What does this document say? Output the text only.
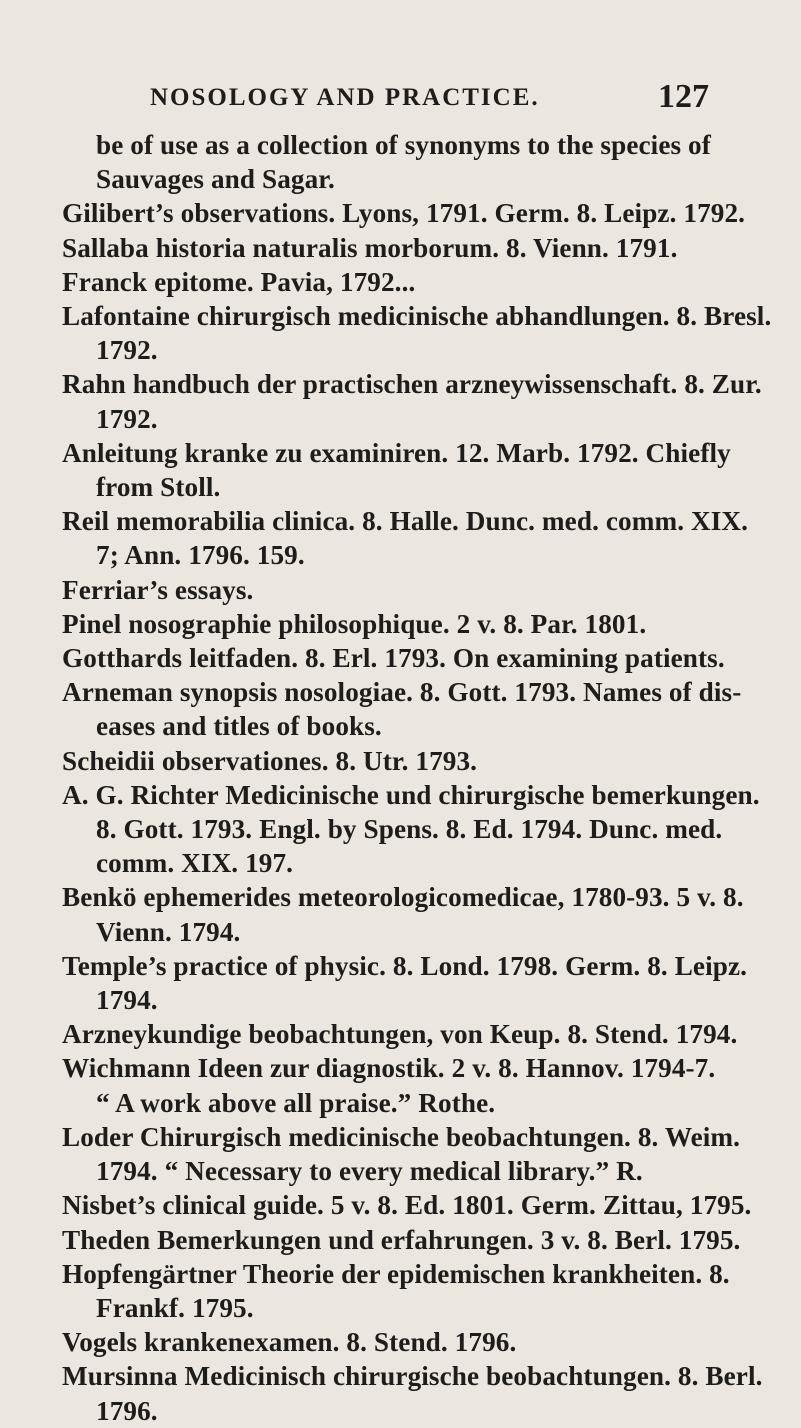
NOSOLOGY AND PRACTICE.	127
be of use as a collection of synonyms to the species of
Sauvages and Sagar.
Gilibert’s observations. Lyons, 1791. Germ. 8. Leipz. 1792.
Sallaba historia naturalis morborum. 8. Vienn. 1791.
Franck epitome. Pavia, 1792...
Lafontaine chirurgisch medicinische abhandlungen. 8. Bresl.
1792.
Rahn handbuch der practischen arzneywissenschaft. 8. Zur.
1792.
Anleitung kranke zu examiniren. 12. Marb. 1792. Chiefly
from Stoll.
Reil memorabilia clinica. 8. Halle. Dunc. med. comm. XIX.
7; Ann. 1796. 159.
Ferriar’s essays.
Pinel nosographie philosophique. 2 v. 8. Par. 1801.
Gotthards leitfaden. 8. Erl. 1793. On examining patients.
Arneman synopsis nosologiae. 8. Gott. 1793. Names of dis-
eases and titles of books.
Scheidii observationes. 8. Utr. 1793.
A. G. Richter Medicinische und chirurgische bemerkungen.
8. Gott. 1793. Engl. by Spens. 8. Ed. 1794. Dunc. med.
comm. XIX. 197.
Benkö ephemerides meteorologicomedicae, 1780-93. 5 v. 8.
Vienn. 1794.
Temple’s practice of physic. 8. Lond. 1798. Germ. 8. Leipz.
1794.
Arzneykundige beobachtungen, von Keup. 8. Stend. 1794.
Wichmann Ideen zur diagnostik. 2 v. 8. Hannov. 1794-7.
“ A work above all praise.” Rothe.
Loder Chirurgisch medicinische beobachtungen. 8. Weim.
1794. “ Necessary to every medical library.” R.
Nisbet’s clinical guide. 5 v. 8. Ed. 1801. Germ. Zittau, 1795.
Theden Bemerkungen und erfahrungen. 3 v. 8. Berl. 1795.
Hopfengärtner Theorie der epidemischen krankheiten. 8.
Frankf. 1795.
Vogels krankenexamen. 8. Stend. 1796.
Mursinna Medicinisch chirurgische beobachtungen. 8. Berl.
1796.
